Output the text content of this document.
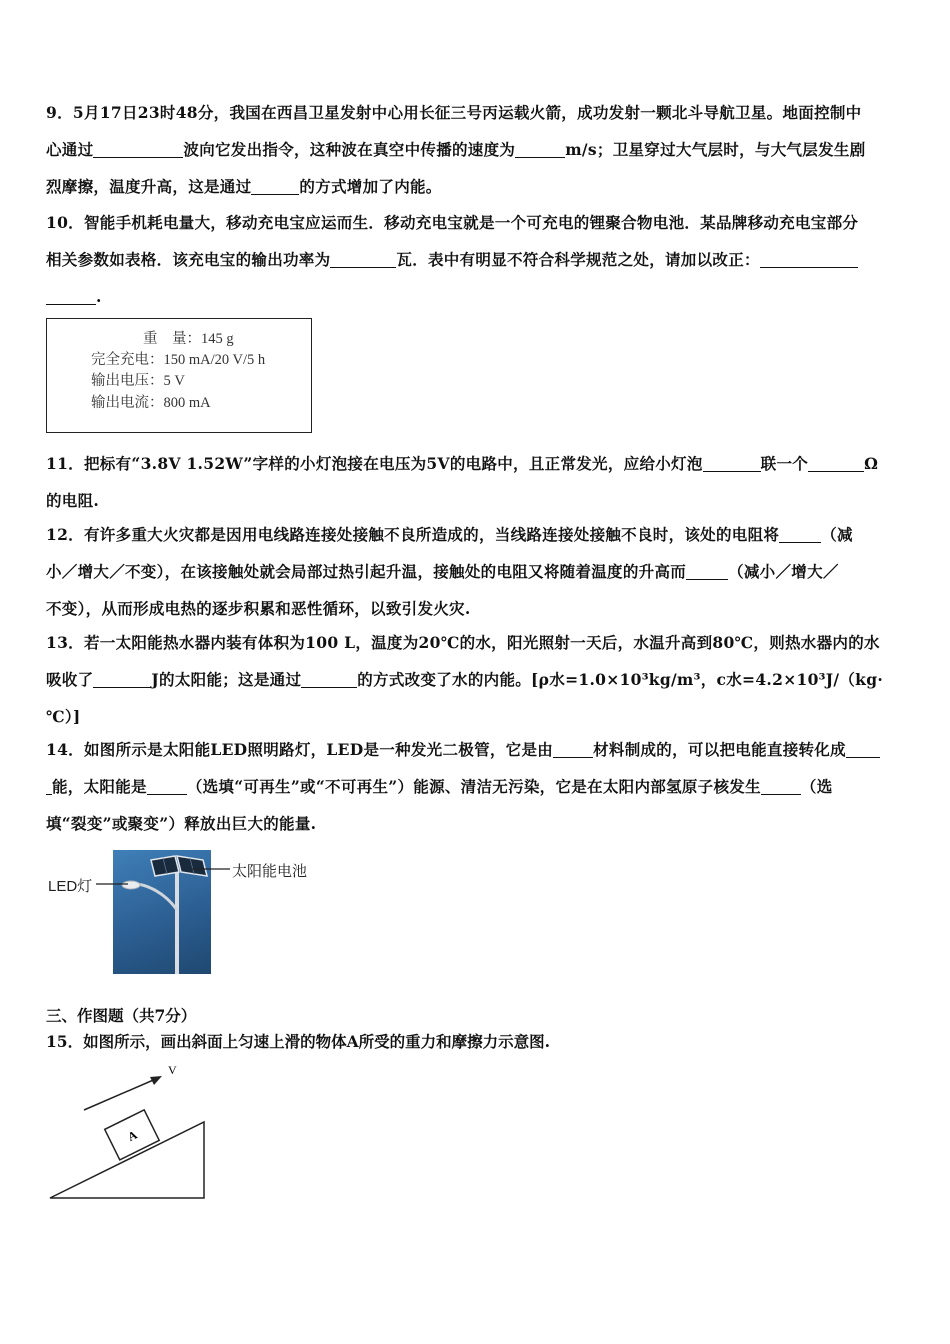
9．5月17日23时48分，我国在西昌卫星发射中心用长征三号丙运载火箭，成功发射一颗北斗导航卫星。地面控制中
心通过	波向它发出指令，这种波在真空中传播的速度为	m/s；卫星穿过大气层时，与大气层发生剧
烈摩擦，温度升高，这是通过	的方式增加了内能。
10．智能手机耗电量大，移动充电宝应运而生．移动充电宝就是一个可充电的锂聚合物电池．某品牌移动充电宝部分
相关参数如表格．该充电宝的输出功率为	瓦．表中有明显不符合科学规范之处，请加以改正：
.
重　量：145 g
完全充电：150 mA/20 V/5 h
输出电压：5 V
输出电流：800 mA
11．把标有“3.8V 1.52W”字样的小灯泡接在电压为5V的电路中，且正常发光，应给小灯泡	联一个	Ω
的电阻.
12．有许多重大火灾都是因用电线路连接处接触不良所造成的，当线路连接处接触不良时，该处的电阻将	（减
小／增大／不变），在该接触处就会局部过热引起升温，接触处的电阻又将随着温度的升高而	（减小／增大／
不变），从而形成电热的逐步积累和恶性循环，以致引发火灾.
13．若一太阳能热水器内装有体积为100 L，温度为20℃的水，阳光照射一天后，水温升高到80℃，则热水器内的水
吸收了	J的太阳能；这是通过	的方式改变了水的内能。[ρ水=1.0×10³kg/m³，c水=4.2×10³J/（kg·
℃）]
14．如图所示是太阳能LED照明路灯，LED是一种发光二极管，它是由	材料制成的，可以把电能直接转化成
能，太阳能是	（选填“可再生”或“不可再生”）能源、清洁无污染，它是在太阳内部氢原子核发生	（选
填“裂变”或聚变”）释放出巨大的能量.
LED灯
太阳能电池
三、作图题（共7分）
15．如图所示，画出斜面上匀速上滑的物体A所受的重力和摩擦力示意图.
A
V
